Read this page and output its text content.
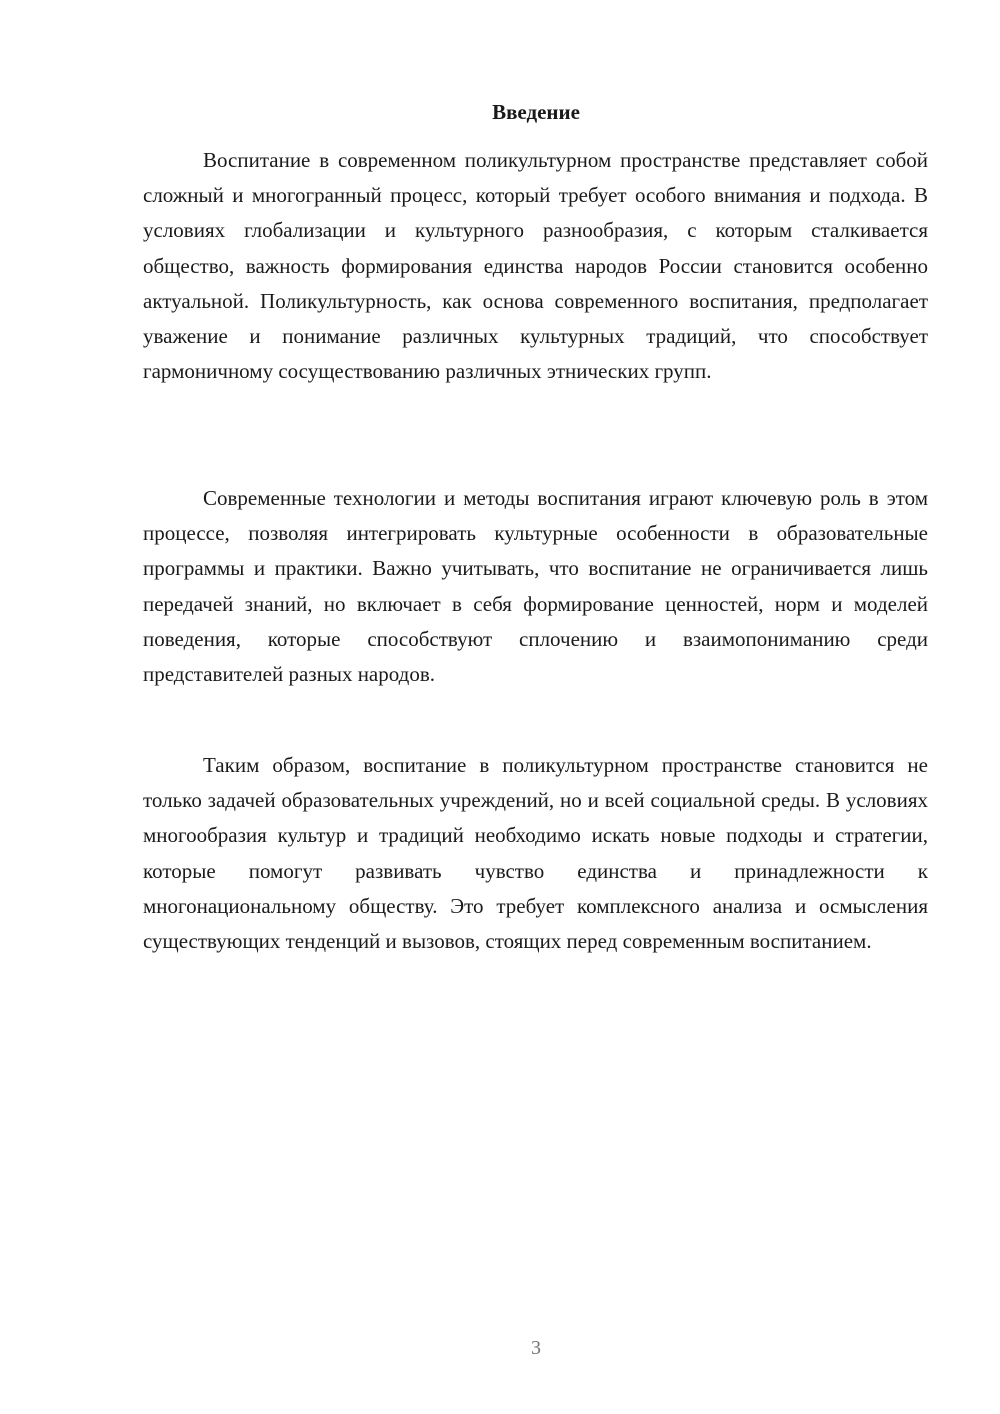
Введение

Воспитание в современном поликультурном пространстве представляет собой сложный и многогранный процесс, который требует особого внимания и подхода. В условиях глобализации и культурного разнообразия, с которым сталкивается общество, важность формирования единства народов России становится особенно актуальной. Поликультурность, как основа современного воспитания, предполагает уважение и понимание различных культурных традиций, что способствует гармоничному сосуществованию различных этнических групп.

Современные технологии и методы воспитания играют ключевую роль в этом процессе, позволяя интегрировать культурные особенности в образовательные программы и практики. Важно учитывать, что воспитание не ограничивается лишь передачей знаний, но включает в себя формирование ценностей, норм и моделей поведения, которые способствуют сплочению и взаимопониманию среди представителей разных народов.

Таким образом, воспитание в поликультурном пространстве становится не только задачей образовательных учреждений, но и всей социальной среды. В условиях многообразия культур и традиций необходимо искать новые подходы и стратегии, которые помогут развивать чувство единства и принадлежности к многонациональному обществу. Это требует комплексного анализа и осмысления существующих тенденций и вызовов, стоящих перед современным воспитанием.

3
